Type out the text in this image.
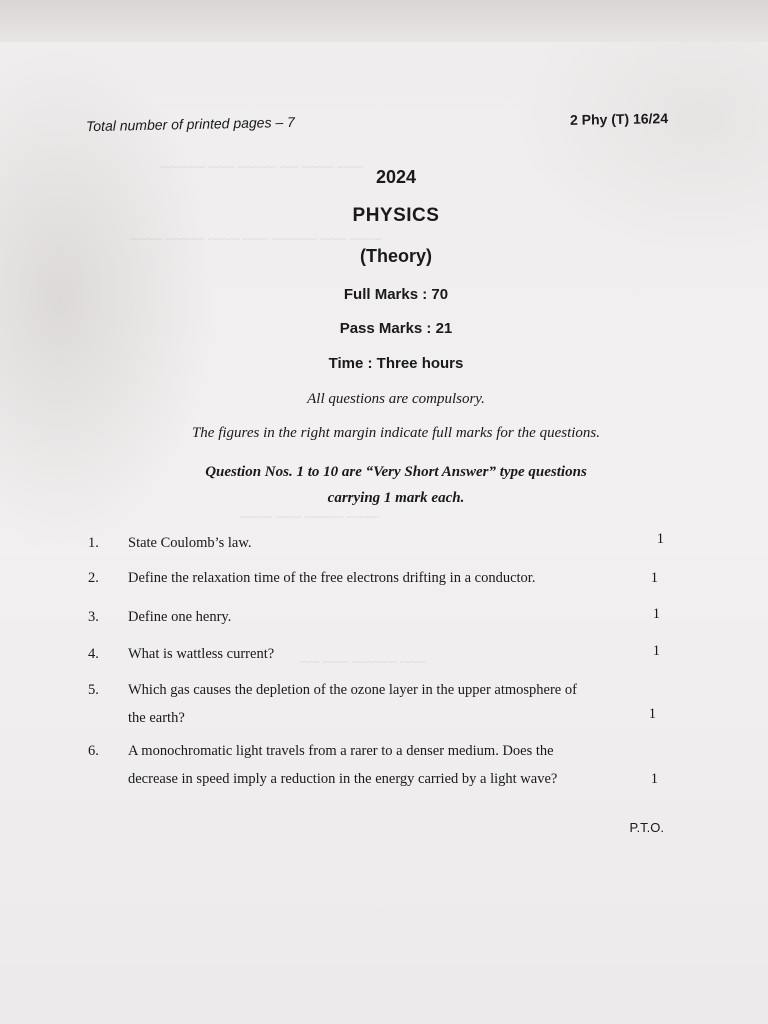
~~~~ ~~~~~ ~~~ ~~~~~~ ~~~~ ~~~~~~~
~~~~~ ~~~~ ~~~~~~~ ~~~~ ~~~~~ ~~~~~~ ~~~~~
~~~~~ ~~~~~~ ~~~~ ~~~~~
~~~~ ~~~~~~~ ~~~~ ~~~
Total number of printed pages – 7	2 Phy (T) 16/24
2024
PHYSICS
(Theory)
Full Marks : 70
Pass Marks : 21
Time : Three hours
All questions are compulsory.
The figures in the right margin indicate full marks for the questions.
Question Nos. 1 to 10 are “Very Short Answer” type questions
carrying 1 mark each.
1.	State Coulomb’s law.	1
2.	Define the relaxation time of the free electrons drifting in a conductor.	1
3.	Define one henry.	1
4.	What is wattless current?	1
5.	Which gas causes the depletion of the ozone layer in the upper atmosphere of
the earth?	1
6.	A monochromatic light travels from a rarer to a denser medium. Does the
decrease in speed imply a reduction in the energy carried by a light wave?	1
P.T.O.
